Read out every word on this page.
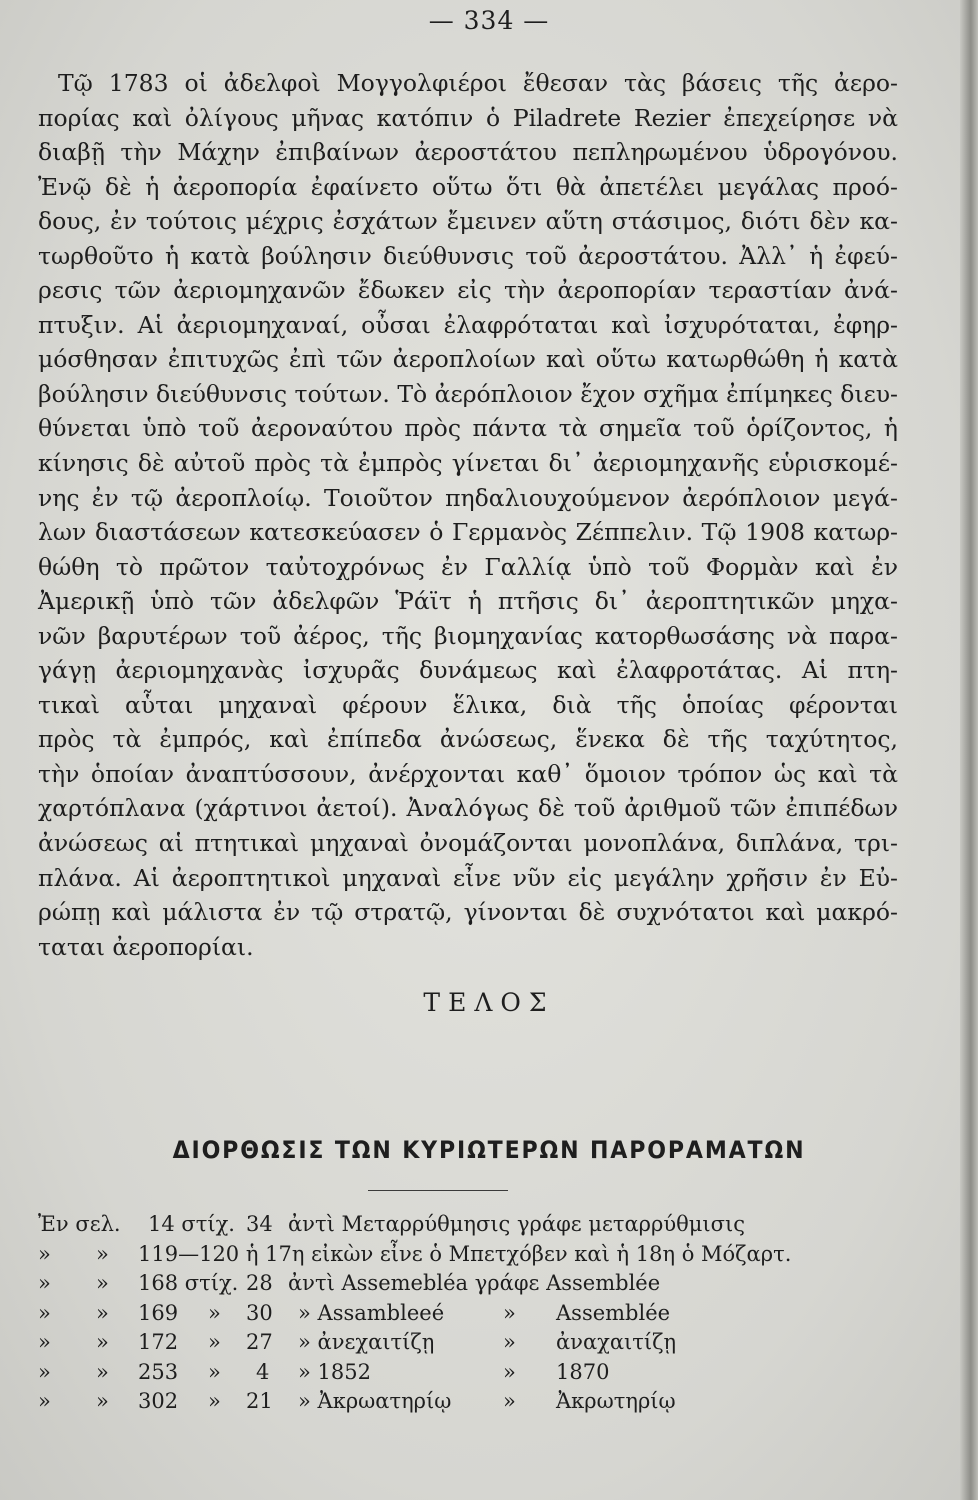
— 334 —
Τῷ 1783 οἱ ἀδελφοὶ Μογγολφιέροι ἔθεσαν τὰς βάσεις τῆς ἀερο-
πορίας καὶ ὀλίγους μῆνας κατόπιν ὁ Piladrete Rezier ἐπεχείρησε νὰ
διαβῇ τὴν Μάχην ἐπιβαίνων ἀεροστάτου πεπληρωμένου ὑδρογόνου.
Ἐνῷ δὲ ἡ ἀεροπορία ἐφαίνετο οὕτω ὅτι θὰ ἀπετέλει μεγάλας προό-
δους, ἐν τούτοις μέχρις ἐσχάτων ἔμεινεν αὕτη στάσιμος, διότι δὲν κα-
τωρθοῦτο ἡ κατὰ βούλησιν διεύθυνσις τοῦ ἀεροστάτου. Ἀλλ᾽ ἡ ἐφεύ-
ρεσις τῶν ἀεριομηχανῶν ἔδωκεν εἰς τὴν ἀεροπορίαν τεραστίαν ἀνά-
πτυξιν. Αἱ ἀεριομηχαναί, οὖσαι ἐλαφρόταται καὶ ἰσχυρόταται, ἐφηρ-
μόσθησαν ἐπιτυχῶς ἐπὶ τῶν ἀεροπλοίων καὶ οὕτω κατωρθώθη ἡ κατὰ
βούλησιν διεύθυνσις τούτων. Τὸ ἀερόπλοιον ἔχον σχῆμα ἐπίμηκες διευ-
θύνεται ὑπὸ τοῦ ἀεροναύτου πρὸς πάντα τὰ σημεῖα τοῦ ὁρίζοντος, ἡ
κίνησις δὲ αὐτοῦ πρὸς τὰ ἐμπρὸς γίνεται δι᾽ ἀεριομηχανῆς εὑρισκομέ-
νης ἐν τῷ ἀεροπλοίῳ. Τοιοῦτον πηδαλιουχούμενον ἀερόπλοιον μεγά-
λων διαστάσεων κατεσκεύασεν ὁ Γερμανὸς Ζέππελιν. Τῷ 1908 κατωρ-
θώθη τὸ πρῶτον ταὐτοχρόνως ἐν Γαλλίᾳ ὑπὸ τοῦ Φορμὰν καὶ ἐν
Ἀμερικῇ ὑπὸ τῶν ἀδελφῶν Ῥάϊτ ἡ πτῆσις δι᾽ ἀεροπτητικῶν μηχα-
νῶν βαρυτέρων τοῦ ἀέρος, τῆς βιομηχανίας κατορθωσάσης νὰ παρα-
γάγῃ ἀεριομηχανὰς ἰσχυρᾶς δυνάμεως καὶ ἐλαφροτάτας. Αἱ πτη-
τικαὶ αὗται μηχαναὶ φέρουν ἕλικα, διὰ τῆς ὁποίας φέρονται
πρὸς τὰ ἐμπρός, καὶ ἐπίπεδα ἀνώσεως, ἕνεκα δὲ τῆς ταχύτητος,
τὴν ὁποίαν ἀναπτύσσουν, ἀνέρχονται καθ᾽ ὅμοιον τρόπον ὡς καὶ τὰ
χαρτόπλανα (χάρτινοι ἀετοί). Ἀναλόγως δὲ τοῦ ἀριθμοῦ τῶν ἐπιπέδων
ἀνώσεως αἱ πτητικαὶ μηχαναὶ ὀνομάζονται μονοπλάνα, διπλάνα, τρι-
πλάνα. Αἱ ἀεροπτητικοὶ μηχαναὶ εἶνε νῦν εἰς μεγάλην χρῆσιν ἐν Εὐ-
ρώπῃ καὶ μάλιστα ἐν τῷ στρατῷ, γίνονται δὲ συχνότατοι καὶ μακρό-
ταται ἀεροπορίαι.
ΤΕΛΟΣ
ΔΙΟΡΘΩΣΙΣ ΤΩΝ ΚΥΡΙΩΤΕΡΩΝ ΠΑΡΟΡΑΜΑΤΩΝ
Ἐν σελ. 14 στίχ. 34 ἀντὶ Μεταρρύθμησις γράφε μεταρρύθμισις
» » 119—120 ἡ 17η εἰκὼν εἶνε ὁ Μπετχόβεν καὶ ἡ 18η ὁ Μόζαρτ.
» » 168 στίχ. 28 ἀντὶ Assemebléa γράφε Assemblée
» » 169 » 30 » Assambleeé	» Assemblée
» » 172 » 27 » ἀνεχαιτίζῃ	» ἀναχαιτίζῃ
» » 253 » 4 » 1852	» 1870
» » 302 » 21 » Ἀκρωατηρίῳ » Ἀκρωτηρίῳ
